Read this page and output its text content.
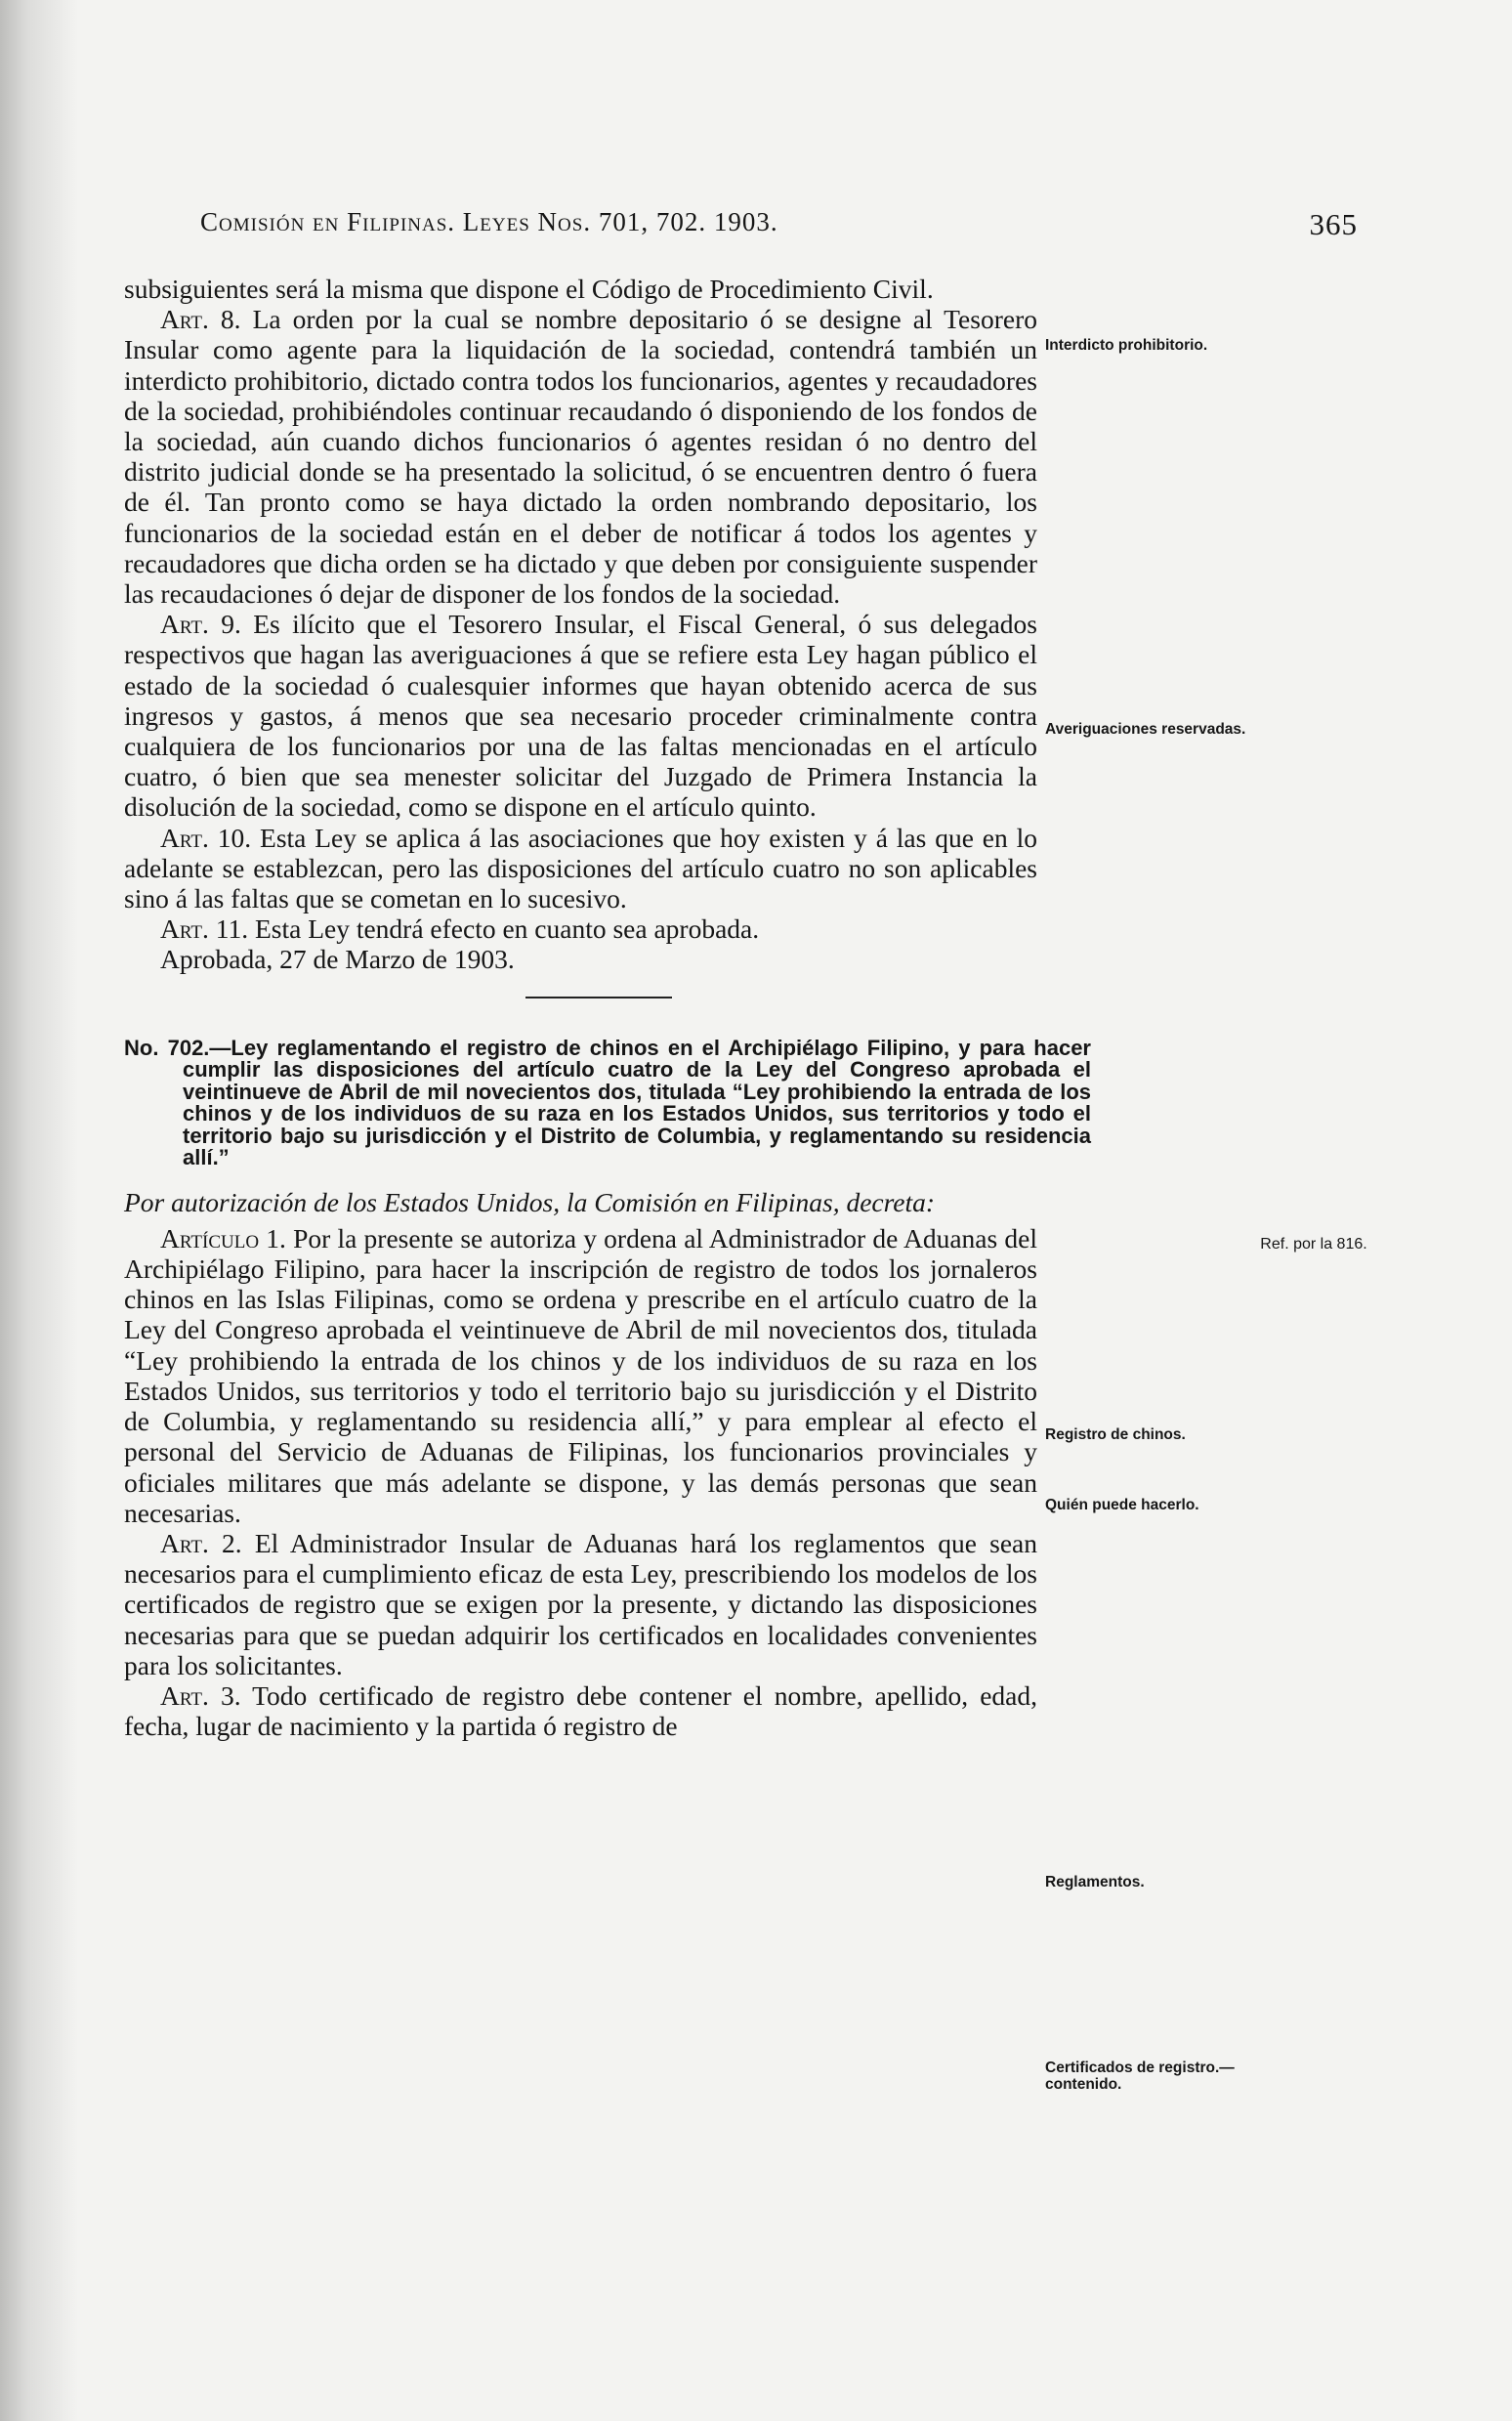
Comisión en Filipinas. Leyes Nos. 701, 702. 1903.	365

subsiguientes será la misma que dispone el Código de Procedimiento Civil.

Art. 8. La orden por la cual se nombre depositario ó se designe al Tesorero Insular como agente para la liquidación de la sociedad, contendrá también un interdicto prohibitorio, dictado contra todos los funcionarios, agentes y recaudadores de la sociedad, prohibiéndoles continuar recaudando ó disponiendo de los fondos de la sociedad, aún cuando dichos funcionarios ó agentes residan ó no dentro del distrito judicial donde se ha presentado la solicitud, ó se encuentren dentro ó fuera de él. Tan pronto como se haya dictado la orden nombrando depositario, los funcionarios de la sociedad están en el deber de notificar á todos los agentes y recaudadores que dicha orden se ha dictado y que deben por consiguiente suspender las recaudaciones ó dejar de disponer de los fondos de la sociedad.

Art. 9. Es ilícito que el Tesorero Insular, el Fiscal General, ó sus delegados respectivos que hagan las averiguaciones á que se refiere esta Ley hagan público el estado de la sociedad ó cualesquier informes que hayan obtenido acerca de sus ingresos y gastos, á menos que sea necesario proceder criminalmente contra cualquiera de los funcionarios por una de las faltas mencionadas en el artículo cuatro, ó bien que sea menester solicitar del Juzgado de Primera Instancia la disolución de la sociedad, como se dispone en el artículo quinto.

Art. 10. Esta Ley se aplica á las asociaciones que hoy existen y á las que en lo adelante se establezcan, pero las disposiciones del artículo cuatro no son aplicables sino á las faltas que se cometan en lo sucesivo.

Art. 11. Esta Ley tendrá efecto en cuanto sea aprobada.

Aprobada, 27 de Marzo de 1903.

No. 702.—Ley reglamentando el registro de chinos en el Archipiélago Filipino, y para hacer cumplir las disposiciones del artículo cuatro de la Ley del Congreso aprobada el veintinueve de Abril de mil novecientos dos, titulada “Ley prohibiendo la entrada de los chinos y de los individuos de su raza en los Estados Unidos, sus territorios y todo el territorio bajo su jurisdicción y el Distrito de Columbia, y reglamentando su residencia allí.”

Por autorización de los Estados Unidos, la Comisión en Filipinas, decreta:

Artículo 1. Por la presente se autoriza y ordena al Administrador de Aduanas del Archipiélago Filipino, para hacer la inscripción de registro de todos los jornaleros chinos en las Islas Filipinas, como se ordena y prescribe en el artículo cuatro de la Ley del Congreso aprobada el veintinueve de Abril de mil novecientos dos, titulada “Ley prohibiendo la entrada de los chinos y de los individuos de su raza en los Estados Unidos, sus territorios y todo el territorio bajo su jurisdicción y el Distrito de Columbia, y reglamentando su residencia allí,” y para emplear al efecto el personal del Servicio de Aduanas de Filipinas, los funcionarios provinciales y oficiales militares que más adelante se dispone, y las demás personas que sean necesarias.

Art. 2. El Administrador Insular de Aduanas hará los reglamentos que sean necesarios para el cumplimiento eficaz de esta Ley, prescribiendo los modelos de los certificados de registro que se exigen por la presente, y dictando las disposiciones necesarias para que se puedan adquirir los certificados en localidades convenientes para los solicitantes.

Art. 3. Todo certificado de registro debe contener el nombre, apellido, edad, fecha, lugar de nacimiento y la partida ó registro de

Interdicto prohibitorio.
Averiguaciones reservadas.
Ref. por la 816.
Registro de chinos.
Quién puede hacerlo.
Reglamentos.
Certificados de registro.—contenido.
